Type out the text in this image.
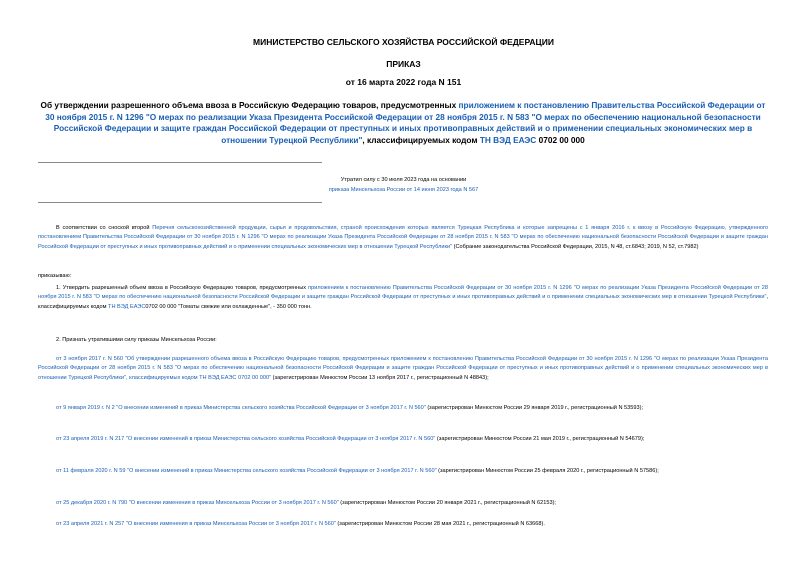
МИНИСТЕРСТВО СЕЛЬСКОГО ХОЗЯЙСТВА РОССИЙСКОЙ ФЕДЕРАЦИИ
ПРИКАЗ
от 16 марта 2022 года N 151
Об утверждении разрешенного объема ввоза в Российскую Федерацию товаров, предусмотренных приложением к постановлению Правительства Российской Федерации от 30 ноября 2015 г. N 1296 "О мерах по реализации Указа Президента Российской Федерации от 28 ноября 2015 г. N 583 "О мерах по обеспечению национальной безопасности Российской Федерации и защите граждан Российской Федерации от преступных и иных противоправных действий и о применении специальных экономических мер в отношении Турецкой Республики", классифицируемых кодом ТН ВЭД ЕАЭС 0702 00 000
Утратил силу с 30 июля 2023 года на основании
приказа Минсельхоза России от 14 июня 2023 года N 567
В соответствии со сноской второй Перечня сельскохозяйственной продукции, сырья и продовольствия, страной происхождения которых является Турецкая Республика и которые запрещены с 1 января 2016 г. к ввозу в Российскую Федерацию, утвержденного постановлением Правительства Российской Федерации от 30 ноября 2015 г. N 1296 "О мерах по реализации Указа Президента Российской Федерации от 28 ноября 2015 г. N 583 "О мерах по обеспечению национальной безопасности Российской Федерации и защите граждан Российской Федерации от преступных и иных противоправных действий и о применении специальных экономических мер в отношении Турецкой Республики" (Собрание законодательства Российской Федерации, 2015, N 48, ст.6843; 2019, N 52, ст.7982)
приказываю:
1. Утвердить разрешенный объем ввоза в Российскую Федерацию товаров, предусмотренных приложением к постановлению Правительства Российской Федерации от 30 ноября 2015 г. N 1296 "О мерах по реализации Указа Президента Российской Федерации от 28 ноября 2015 г. N 583 "О мерах по обеспечению национальной безопасности Российской Федерации и защите граждан Российской Федерации от преступных и иных противоправных действий и о применении специальных экономических мер в отношении Турецкой Республики", классифицируемых кодом ТН ВЭД ЕАЭС0702 00 000 "Томаты свежие или охлажденные", - 350 000 тонн.
2. Признать утратившими силу приказы Минсельхоза России:
от 3 ноября 2017 г. N 560 "Об утверждении разрешенного объема ввоза в Российскую Федерацию товаров, предусмотренных приложением к постановлению Правительства Российской Федерации от 30 ноября 2015 г. N 1296 "О мерах по реализации Указа Президента Российской Федерации от 28 ноября 2015 г. N 583 "О мерах по обеспечению национальной безопасности Российской Федерации и защите граждан Российской Федерации от преступных и иных противоправных действий и о применении специальных экономических мер в отношении Турецкой Республики", классифицируемых кодом ТН ВЭД ЕАЭС 0702 00 000" (зарегистрирован Минюстом России 13 ноября 2017 г., регистрационный N 48843);
от 9 января 2019 г. N 2 "О внесении изменений в приказ Министерства сельского хозяйства Российской Федерации от 3 ноября 2017 г. N 560" (зарегистрирован Минюстом России 29 января 2019 г., регистрационный N 53593);
от 23 апреля 2019 г. N 217 "О внесении изменений в приказ Министерства сельского хозяйства Российской Федерации от 3 ноября 2017 г. N 560" (зарегистрирован Минюстом России 21 мая 2019 г., регистрационный N 54679);
от 11 февраля 2020 г. N 59 "О внесении изменений в приказ Министерства сельского хозяйства Российской Федерации от 3 ноября 2017 г. N 560" (зарегистрирован Минюстом России 25 февраля 2020 г., регистрационный N 57586);
от 25 декабря 2020 г. N 790 "О внесении изменения в приказ Минсельхоза России от 3 ноября 2017 г. N 560" (зарегистрирован Минюстом России 20 января 2021 г., регистрационный N 62153);
от 23 апреля 2021 г. N 257 "О внесении изменения в приказ Минсельхоза России от 3 ноября 2017 г. N 560" (зарегистрирован Минюстом России 28 мая 2021 г., регистрационный N 63668).
